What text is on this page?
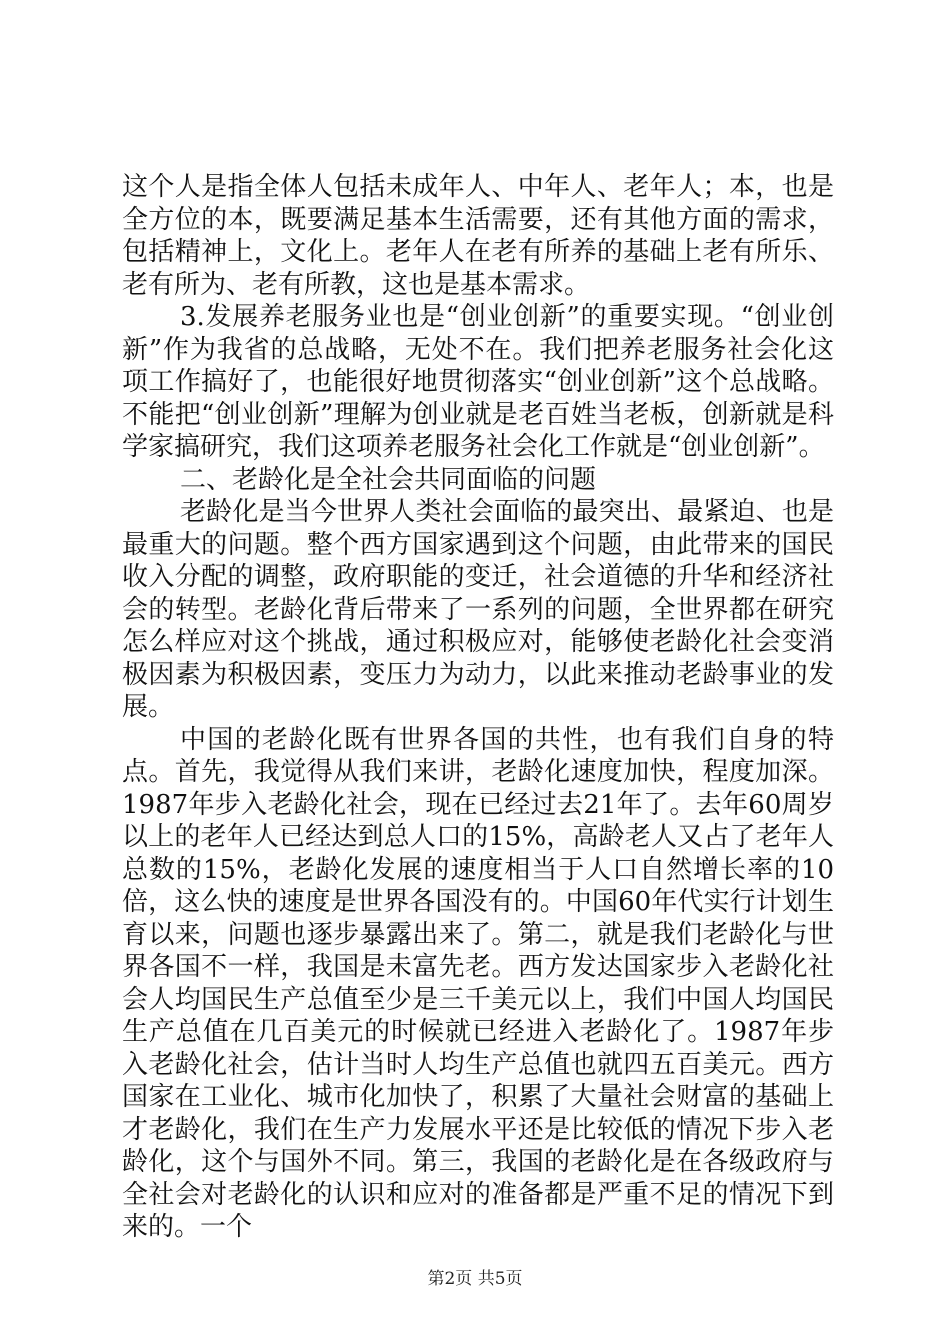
这个人是指全体人包括未成年人、中年人、老年人；本，也是全方位的本，既要满足基本生活需要，还有其他方面的需求，包括精神上，文化上。老年人在老有所养的基础上老有所乐、老有所为、老有所教，这也是基本需求。

3.发展养老服务业也是“创业创新”的重要实现。“创业创新”作为我省的总战略，无处不在。我们把养老服务社会化这项工作搞好了，也能很好地贯彻落实“创业创新”这个总战略。不能把“创业创新”理解为创业就是老百姓当老板，创新就是科学家搞研究，我们这项养老服务社会化工作就是“创业创新”。

二、老龄化是全社会共同面临的问题

老龄化是当今世界人类社会面临的最突出、最紧迫、也是最重大的问题。整个西方国家遇到这个问题，由此带来的国民收入分配的调整，政府职能的变迁，社会道德的升华和经济社会的转型。老龄化背后带来了一系列的问题，全世界都在研究怎么样应对这个挑战，通过积极应对，能够使老龄化社会变消极因素为积极因素，变压力为动力，以此来推动老龄事业的发展。

中国的老龄化既有世界各国的共性，也有我们自身的特点。首先，我觉得从我们来讲，老龄化速度加快，程度加深。1987年步入老龄化社会，现在已经过去21年了。去年60周岁以上的老年人已经达到总人口的15%，高龄老人又占了老年人总数的15%，老龄化发展的速度相当于人口自然增长率的10倍，这么快的速度是世界各国没有的。中国60年代实行计划生育以来，问题也逐步暴露出来了。第二，就是我们老龄化与世界各国不一样，我国是未富先老。西方发达国家步入老龄化社会人均国民生产总值至少是三千美元以上，我们中国人均国民生产总值在几百美元的时候就已经进入老龄化了。1987年步入老龄化社会，估计当时人均生产总值也就四五百美元。西方国家在工业化、城市化加快了，积累了大量社会财富的基础上才老龄化，我们在生产力发展水平还是比较低的情况下步入老龄化，这个与国外不同。第三，我国的老龄化是在各级政府与全社会对老龄化的认识和应对的准备都是严重不足的情况下到来的。一个

第2页 共5页
